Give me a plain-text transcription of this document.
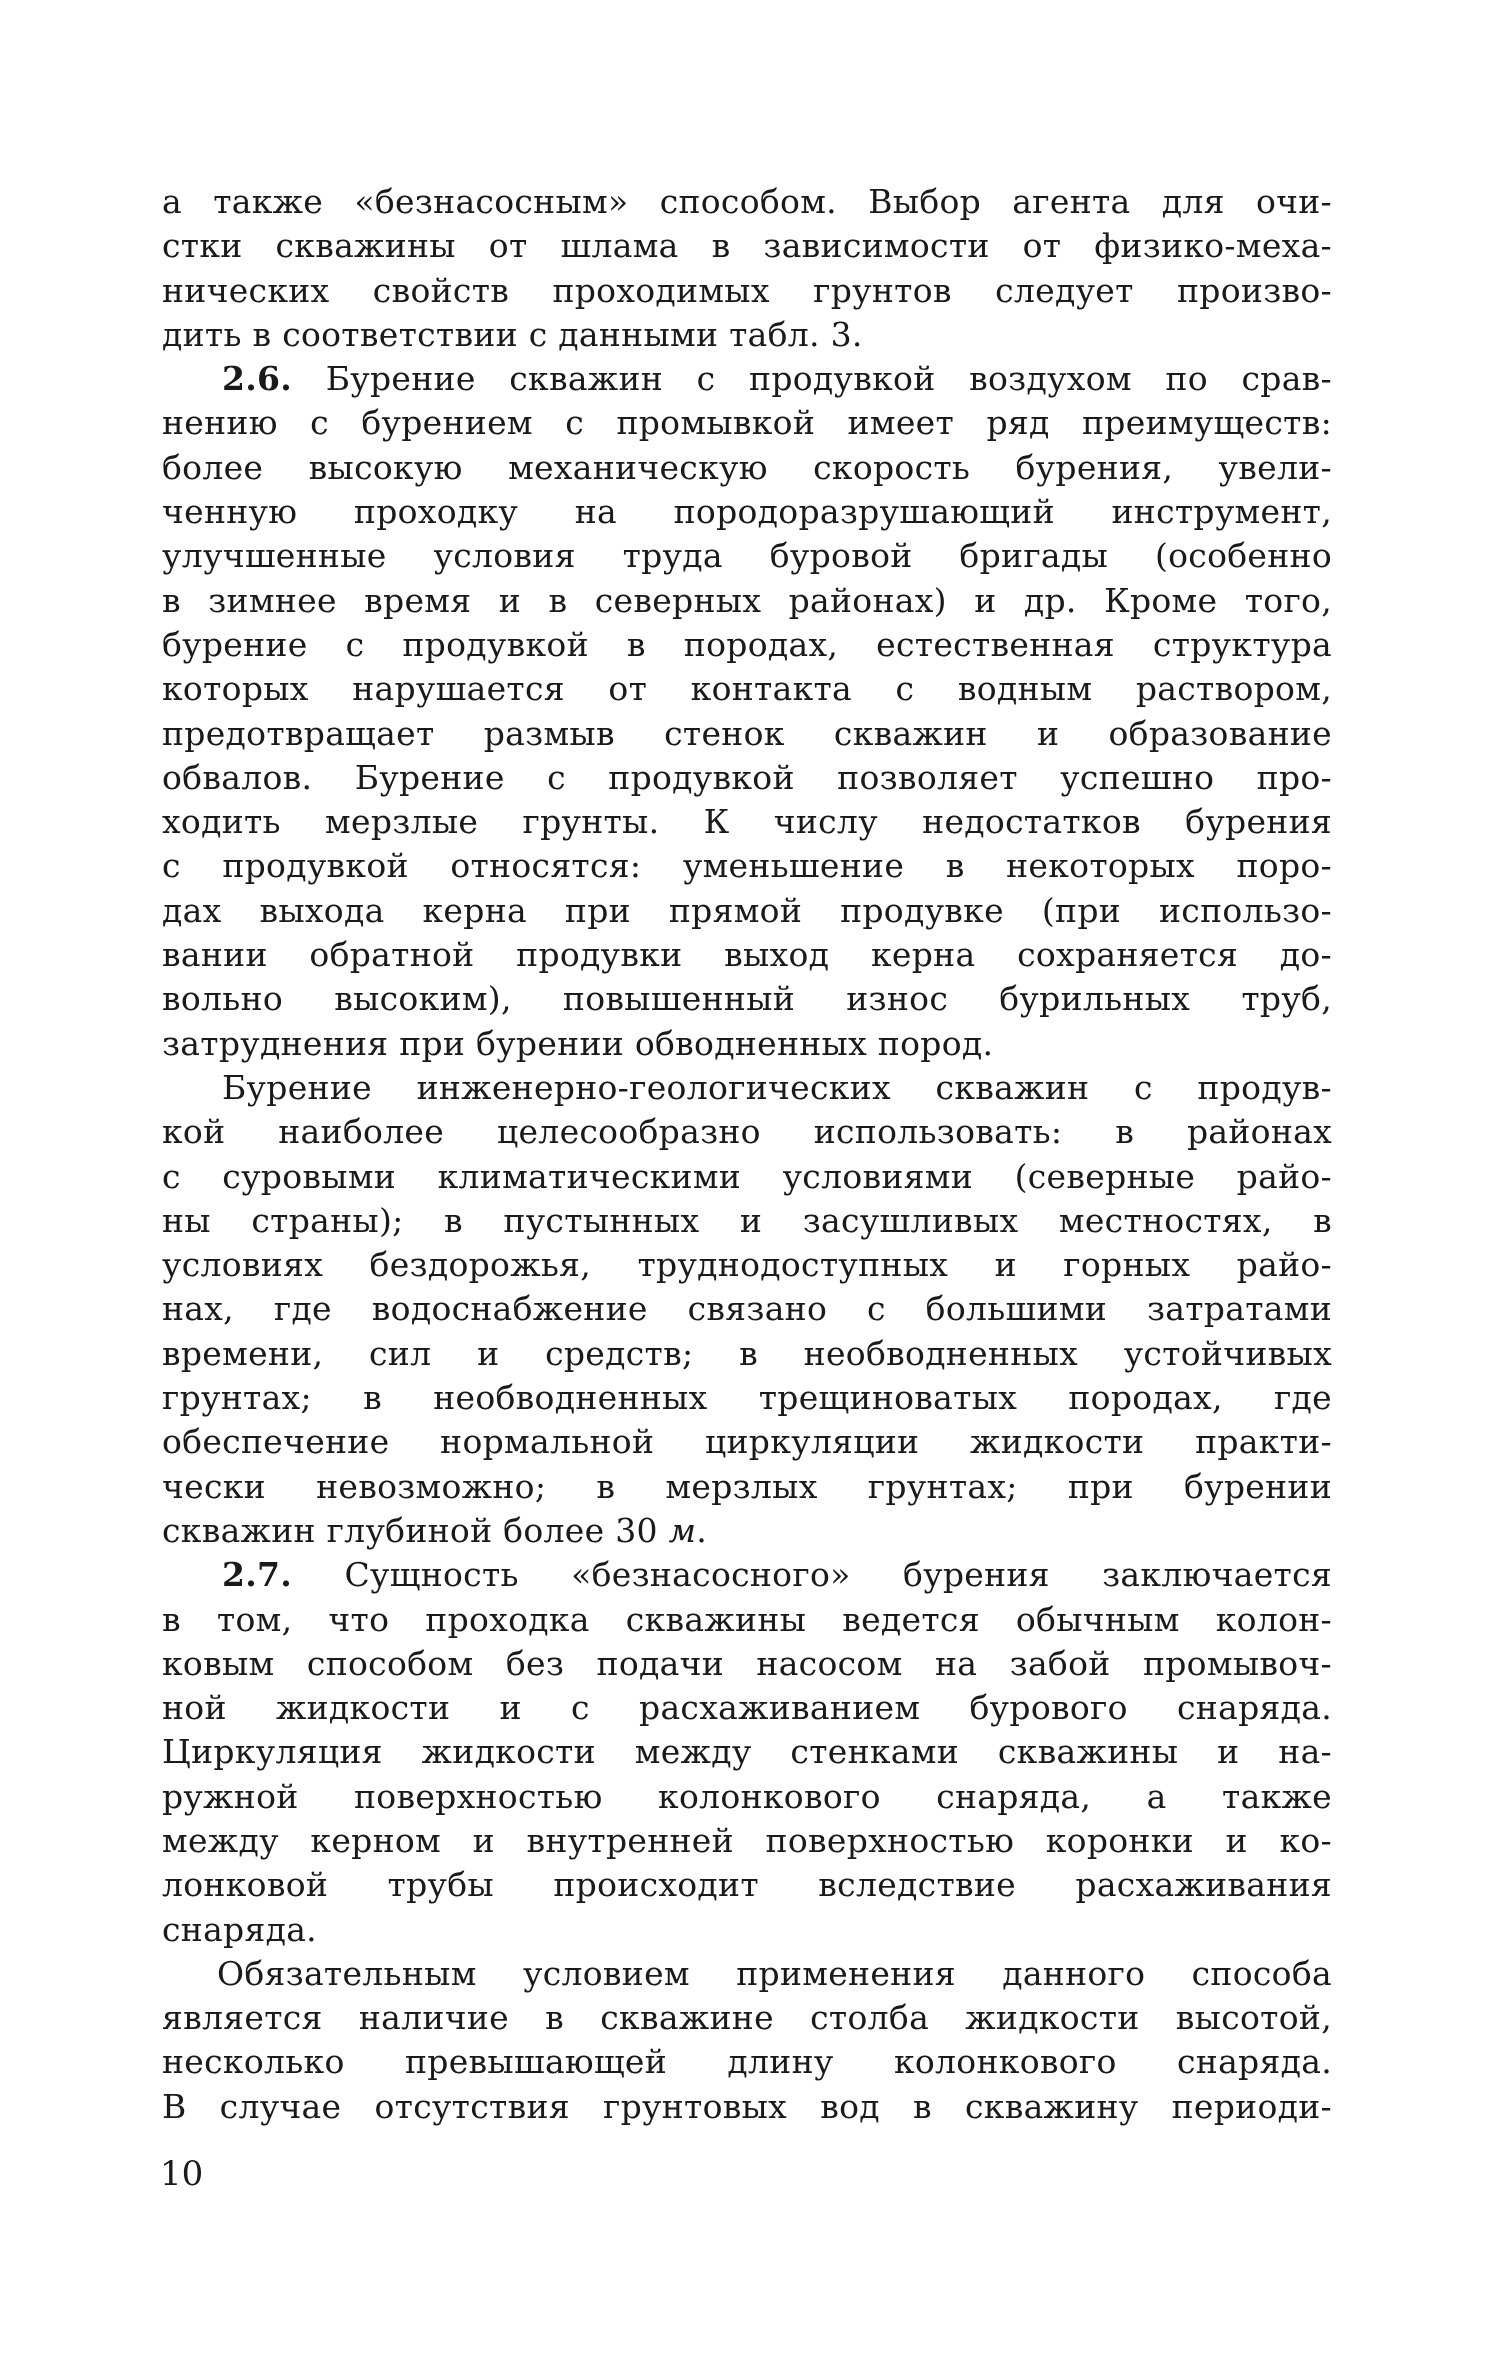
а также «безнасосным» способом. Выбор агента для очи-
стки скважины от шлама в зависимости от физико-меха-
нических свойств проходимых грунтов следует произво-
дить в соответствии с данными табл. 3.
2.6. Бурение скважин с продувкой воздухом по срав-
нению с бурением с промывкой имеет ряд преимуществ:
более высокую механическую скорость бурения, увели-
ченную проходку на породоразрушающий инструмент,
улучшенные условия труда буровой бригады (особенно
в зимнее время и в северных районах) и др. Кроме того,
бурение с продувкой в породах, естественная структура
которых нарушается от контакта с водным раствором,
предотвращает размыв стенок скважин и образование
обвалов. Бурение с продувкой позволяет успешно про-
ходить мерзлые грунты. К числу недостатков бурения
с продувкой относятся: уменьшение в некоторых поро-
дах выхода керна при прямой продувке (при использо-
вании обратной продувки выход керна сохраняется до-
вольно высоким), повышенный износ бурильных труб,
затруднения при бурении обводненных пород.
Бурение инженерно-геологических скважин с продув-
кой наиболее целесообразно использовать: в районах
с суровыми климатическими условиями (северные райо-
ны страны); в пустынных и засушливых местностях, в
условиях бездорожья, труднодоступных и горных райо-
нах, где водоснабжение связано с большими затратами
времени, сил и средств; в необводненных устойчивых
грунтах; в необводненных трещиноватых породах, где
обеспечение нормальной циркуляции жидкости практи-
чески невозможно; в мерзлых грунтах; при бурении
скважин глубиной более 30 м.
2.7. Сущность «безнасосного» бурения заключается
в том, что проходка скважины ведется обычным колон-
ковым способом без подачи насосом на забой промывоч-
ной жидкости и с расхаживанием бурового снаряда.
Циркуляция жидкости между стенками скважины и на-
ружной поверхностью колонкового снаряда, а также
между керном и внутренней поверхностью коронки и ко-
лонковой трубы происходит вследствие расхаживания
снаряда.
Обязательным условием применения данного способа
является наличие в скважине столба жидкости высотой,
несколько превышающей длину колонкового снаряда.
В случае отсутствия грунтовых вод в скважину периоди-
10
